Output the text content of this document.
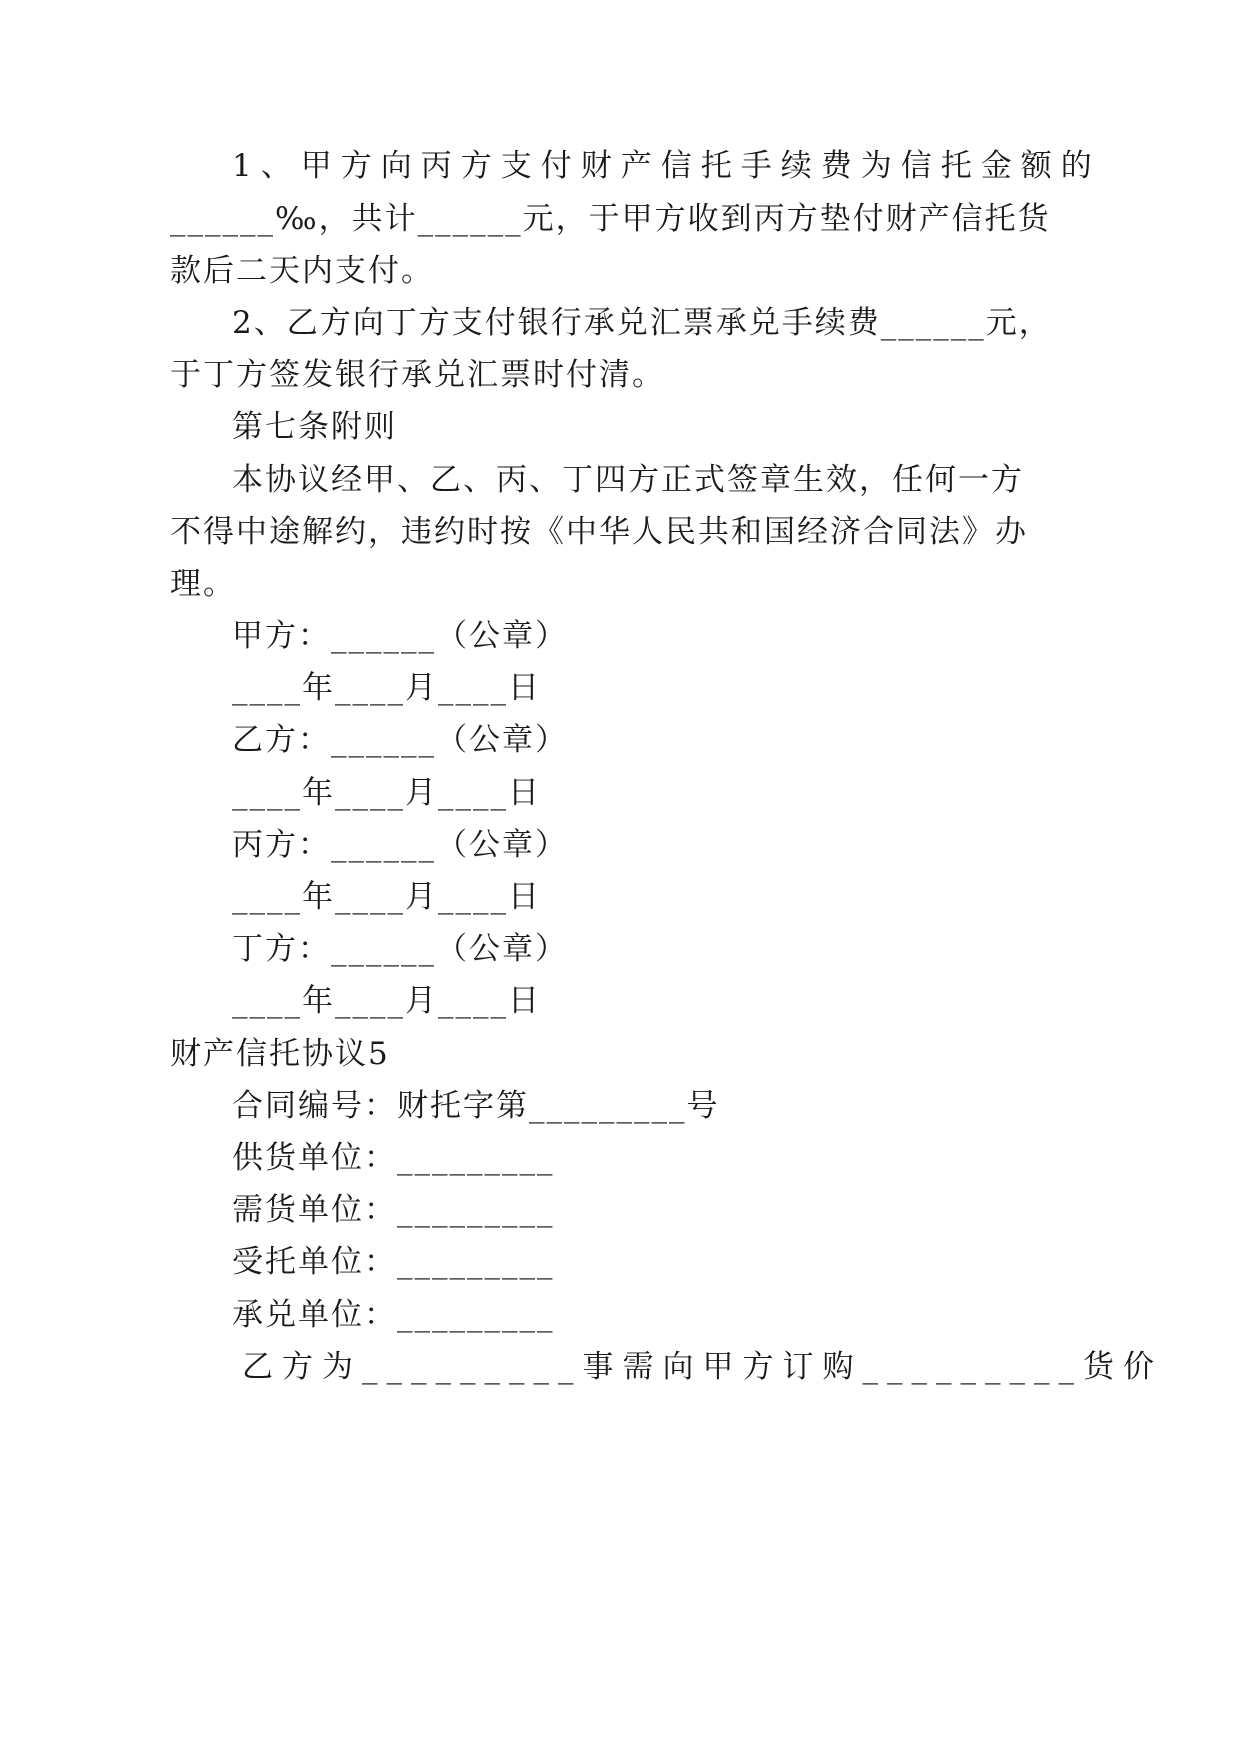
1、甲方向丙方支付财产信托手续费为信托金额的
______‰，共计______元，于甲方收到丙方垫付财产信托货
款后二天内支付。
2、乙方向丁方支付银行承兑汇票承兑手续费______元，
于丁方签发银行承兑汇票时付清。
第七条附则
本协议经甲、乙、丙、丁四方正式签章生效，任何一方
不得中途解约，违约时按《中华人民共和国经济合同法》办
理。
甲方：______（公章）
____年____月____日
乙方：______（公章）
____年____月____日
丙方：______（公章）
____年____月____日
丁方：______（公章）
____年____月____日
财产信托协议5
合同编号：财托字第_________号
供货单位：_________
需货单位：_________
受托单位：_________
承兑单位：_________
乙方为_________事需向甲方订购_________货价
